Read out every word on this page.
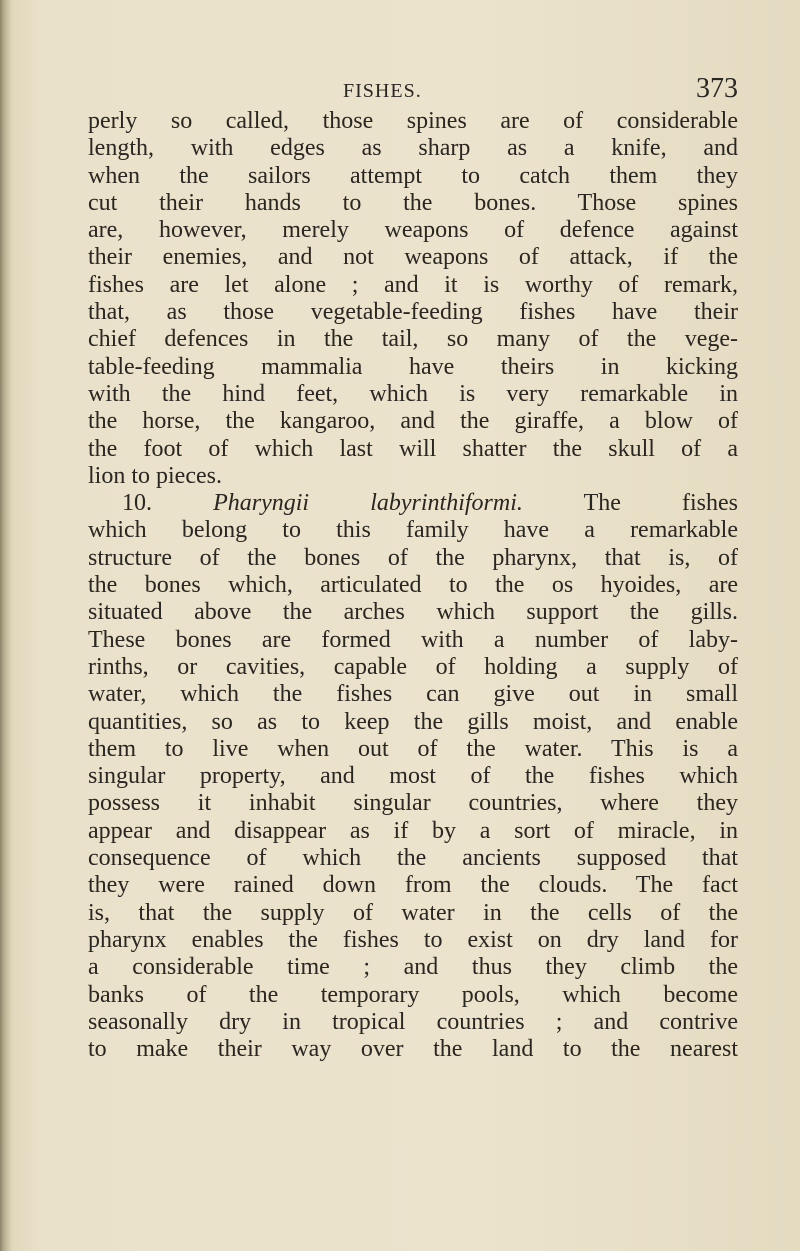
FISHES.	373

perly so called, those spines are of considerable

length, with edges as sharp as a knife, and

when the sailors attempt to catch them they

cut their hands to the bones. Those spines

are, however, merely weapons of defence against

their enemies, and not weapons of attack, if the

fishes are let alone ; and it is worthy of remark,

that, as those vegetable-feeding fishes have their

chief defences in the tail, so many of the vege-

table-feeding mammalia have theirs in kicking

with the hind feet, which is very remarkable in

the horse, the kangaroo, and the giraffe, a blow of

the foot of which last will shatter the skull of a

lion to pieces.

10.	Pharyngii labyrinthiformi.	The fishes

which belong to this family have a remarkable

structure of the bones of the pharynx, that is, of

the bones which, articulated to the os hyoides, are

situated above the arches which support the gills.

These bones are formed with a number of laby-

rinths, or cavities, capable of holding a supply of

water, which the fishes can give out in small

quantities, so as to keep the gills moist, and enable

them to live when out of the water. This is a

singular property, and most of the fishes which

possess it inhabit singular countries, where they

appear and disappear as if by a sort of miracle, in

consequence of which the ancients supposed that

they were rained down from the clouds. The fact

is, that the supply of water in the cells of the

pharynx enables the fishes to exist on dry land for

a considerable time ; and thus they climb the

banks of the temporary pools, which become

seasonally dry in tropical countries ; and contrive

to make their way over the land to the nearest
